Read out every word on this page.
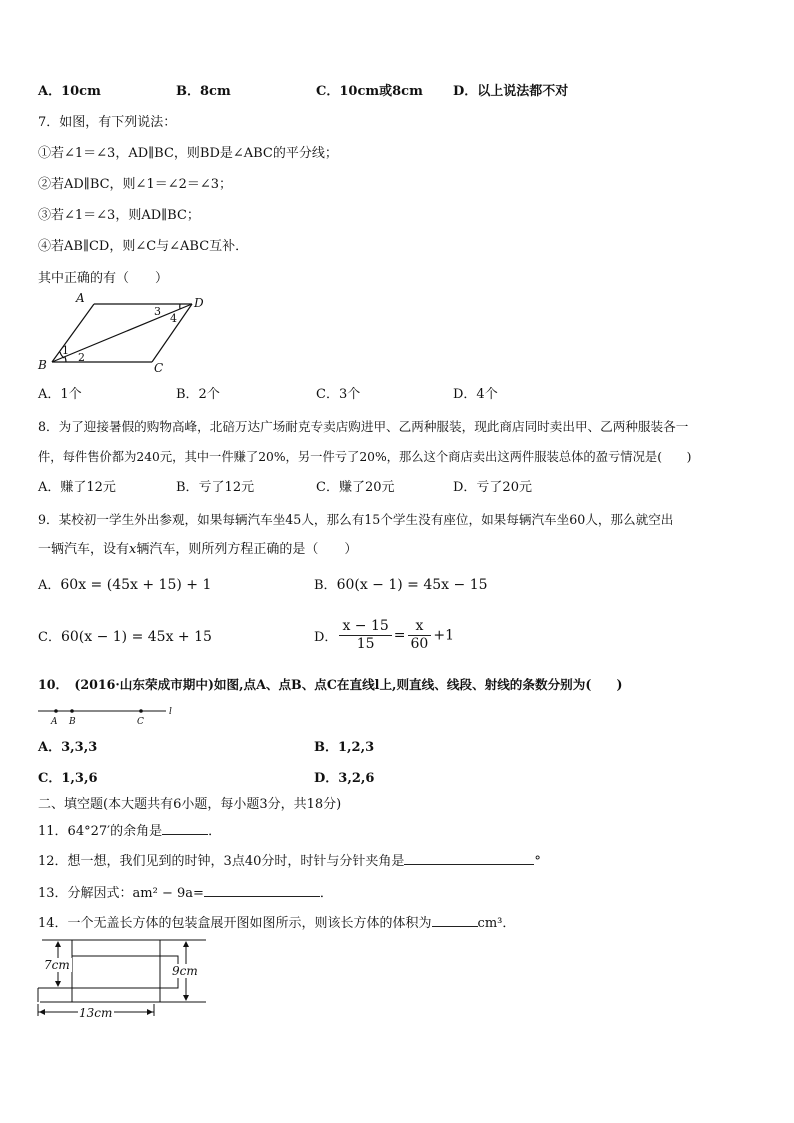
A．10cm	B．8cm	C．10cm或8cm D．以上说法都不对
7．如图，有下列说法：
①若∠1＝∠3，AD∥BC，则BD是∠ABC的平分线；
②若AD∥BC，则∠1＝∠2＝∠3；
③若∠1＝∠3，则AD∥BC；
④若AB∥CD，则∠C与∠ABC互补．
其中正确的有（　　）
A	D
B	C
1
2
3
4
A．1个	B．2个	C．3个	D．4个
8．为了迎接暑假的购物高峰，北碚万达广场耐克专卖店购进甲、乙两种服装，现此商店同时卖出甲、乙两种服装各一
件，每件售价都为240元，其中一件赚了20%，另一件亏了20%，那么这个商店卖出这两件服装总体的盈亏情况是(　　)
A．赚了12元	B．亏了12元	C．赚了20元	D．亏了20元
9．某校初一学生外出参观，如果每辆汽车坐45人，那么有15个学生没有座位，如果每辆汽车坐60人，那么就空出
一辆汽车，设有x辆汽车，则所列方程正确的是（　　）
A．60x = (45x + 15) + 1	B．60(x − 1) = 45x − 15
C．60(x − 1) = 45x + 15	D． $\frac{x - 15}{15} = \frac{x}{60} +1$
10．　(2016·山东荣成市期中)如图,点A、点B、点C在直线l上,则直线、线段、射线的条数分别为(　　)
A B	C
l
A．3,3,3	B．1,2,3
C．1,3,6	D．3,2,6
二、填空题(本大题共有6小题，每小题3分，共18分)
11．64°27′的余角是	．
12．想一想，我们见到的时钟，3点40分时，时针与分针夹角是	°
13．分解因式：am² − 9a=	．
14．一个无盖长方体的包装盒展开图如图所示，则该长方体的体积为	cm³．
7cm	9cm
13cm
